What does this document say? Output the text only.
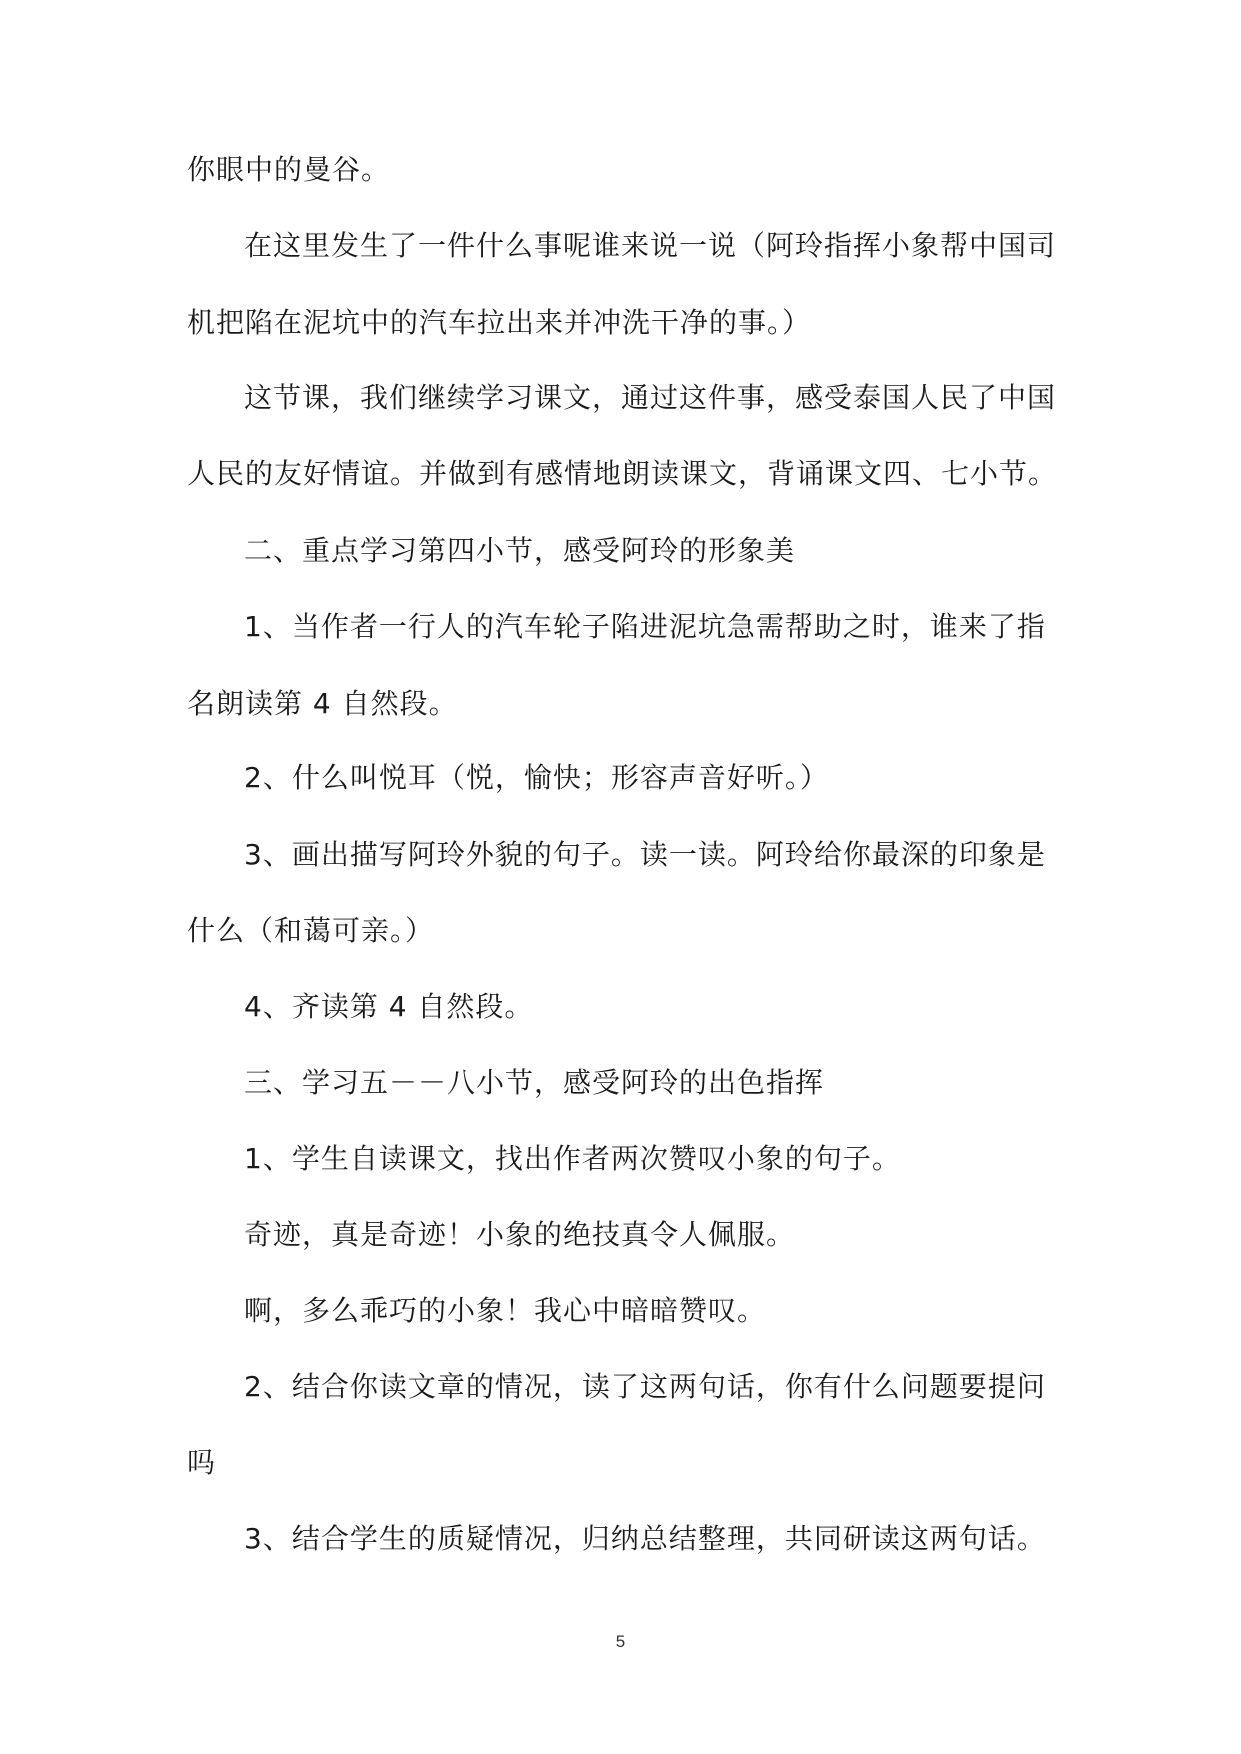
你眼中的曼谷。
在这里发生了一件什么事呢谁来说一说（阿玲指挥小象帮中国司
机把陷在泥坑中的汽车拉出来并冲洗干净的事。）
这节课，我们继续学习课文，通过这件事，感受泰国人民了中国
人民的友好情谊。并做到有感情地朗读课文，背诵课文四、七小节。
二、重点学习第四小节，感受阿玲的形象美
1、当作者一行人的汽车轮子陷进泥坑急需帮助之时，谁来了指
名朗读第 4 自然段。
2、什么叫悦耳（悦，愉快；形容声音好听。）
3、画出描写阿玲外貌的句子。读一读。阿玲给你最深的印象是
什么（和蔼可亲。）
4、齐读第 4 自然段。
三、学习五－－八小节，感受阿玲的出色指挥
1、学生自读课文，找出作者两次赞叹小象的句子。
奇迹，真是奇迹！小象的绝技真令人佩服。
啊，多么乖巧的小象！我心中暗暗赞叹。
2、结合你读文章的情况，读了这两句话，你有什么问题要提问
吗
3、结合学生的质疑情况，归纳总结整理，共同研读这两句话。
5
